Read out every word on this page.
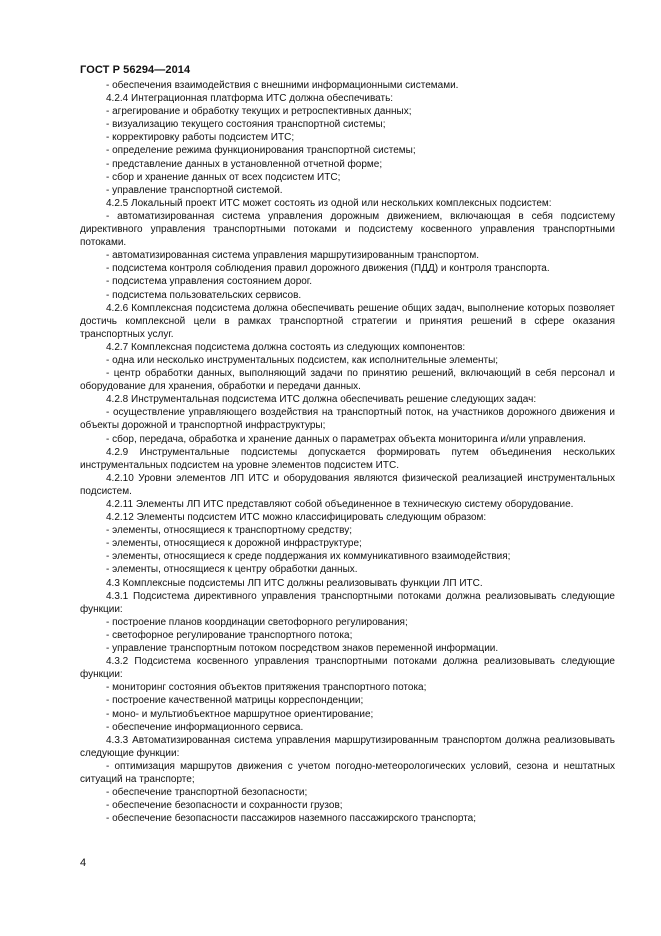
ГОСТ Р 56294—2014

- обеспечения взаимодействия с внешними информационными системами.

4.2.4 Интеграционная платформа ИТС должна обеспечивать:

- агрегирование и обработку текущих и ретроспективных данных;

- визуализацию текущего состояния транспортной системы;

- корректировку работы подсистем ИТС;

- определение режима функционирования транспортной системы;

- представление данных в установленной отчетной форме;

- сбор и хранение данных от всех подсистем ИТС;

- управление транспортной системой.

4.2.5 Локальный проект ИТС может состоять из одной или нескольких комплексных подсистем:

- автоматизированная система управления дорожным движением, включающая в себя подсистему директивного управления транспортными потоками и подсистему косвенного управления транспортными потоками.

- автоматизированная система управления маршрутизированным транспортом.

- подсистема контроля соблюдения правил дорожного движения (ПДД) и контроля транспорта.

- подсистема управления состоянием дорог.

- подсистема пользовательских сервисов.

4.2.6 Комплексная подсистема должна обеспечивать решение общих задач, выполнение которых позволяет достичь комплексной цели в рамках транспортной стратегии и принятия решений в сфере оказания транспортных услуг.

4.2.7 Комплексная подсистема должна состоять из следующих компонентов:

- одна или несколько инструментальных подсистем, как исполнительные элементы;

- центр обработки данных, выполняющий задачи по принятию решений, включающий в себя персонал и оборудование для хранения, обработки и передачи данных.

4.2.8 Инструментальная подсистема ИТС должна обеспечивать решение следующих задач:

- осуществление управляющего воздействия на транспортный поток, на участников дорожного движения и объекты дорожной и транспортной инфраструктуры;

- сбор, передача, обработка и хранение данных о параметрах объекта мониторинга и/или управления.

4.2.9 Инструментальные подсистемы допускается формировать путем объединения нескольких инструментальных подсистем на уровне элементов подсистем ИТС.

4.2.10 Уровни элементов ЛП ИТС и оборудования являются физической реализацией инструментальных подсистем.

4.2.11 Элементы ЛП ИТС представляют собой объединенное в техническую систему оборудование.

4.2.12 Элементы подсистем ИТС можно классифицировать следующим образом:

- элементы, относящиеся к транспортному средству;

- элементы, относящиеся к дорожной инфраструктуре;

- элементы, относящиеся к среде поддержания их коммуникативного взаимодействия;

- элементы, относящиеся к центру обработки данных.

4.3 Комплексные подсистемы ЛП ИТС должны реализовывать функции ЛП ИТС.

4.3.1 Подсистема директивного управления транспортными потоками должна реализовывать следующие функции:

- построение планов координации светофорного регулирования;

- светофорное регулирование транспортного потока;

- управление транспортным потоком посредством знаков переменной информации.

4.3.2 Подсистема косвенного управления транспортными потоками должна реализовывать следующие функции:

- мониторинг состояния объектов притяжения транспортного потока;

- построение качественной матрицы корреспонденции;

- моно- и мультиобъектное маршрутное ориентирование;

- обеспечение информационного сервиса.

4.3.3 Автоматизированная система управления маршрутизированным транспортом должна реализовывать следующие функции:

- оптимизация маршрутов движения с учетом погодно-метеорологических условий, сезона и нештатных ситуаций на транспорте;

- обеспечение транспортной безопасности;

- обеспечение безопасности и сохранности грузов;

- обеспечение безопасности пассажиров наземного пассажирского транспорта;

4
